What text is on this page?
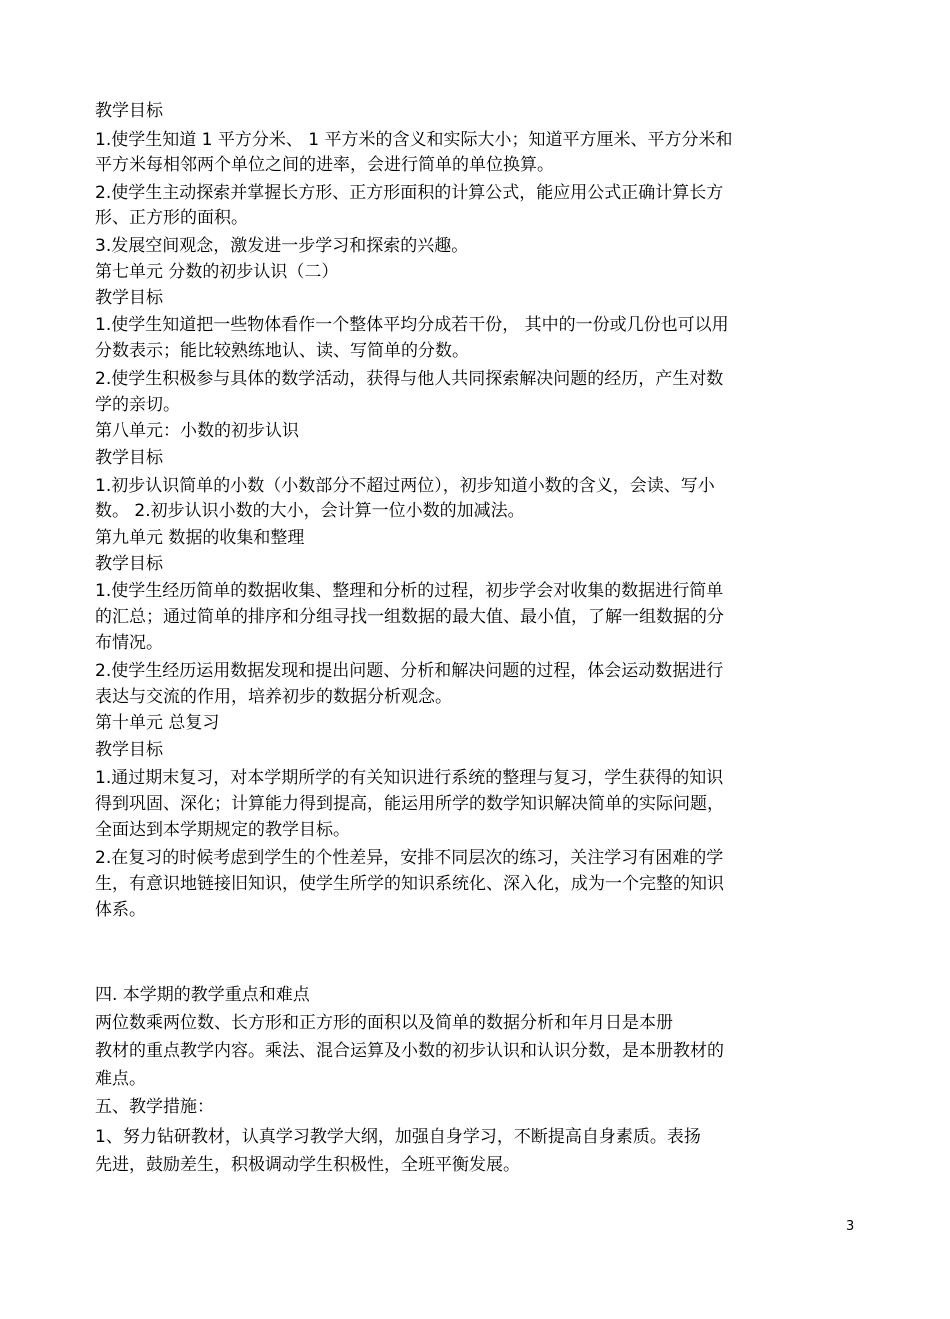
教学目标
1.使学生知道 1 平方分米、 1 平方米的含义和实际大小；知道平方厘米、平方分米和
平方米每相邻两个单位之间的进率，会进行简单的单位换算。
2.使学生主动探索并掌握长方形、正方形面积的计算公式，能应用公式正确计算长方
形、正方形的面积。
3.发展空间观念，激发进一步学习和探索的兴趣。
第七单元 分数的初步认识（二）
教学目标
1.使学生知道把一些物体看作一个整体平均分成若干份， 其中的一份或几份也可以用
分数表示；能比较熟练地认、读、写简单的分数。
2.使学生积极参与具体的数学活动，获得与他人共同探索解决问题的经历，产生对数
学的亲切。
第八单元：小数的初步认识
教学目标
1.初步认识简单的小数（小数部分不超过两位），初步知道小数的含义，会读、写小
数。 2.初步认识小数的大小，会计算一位小数的加减法。
第九单元 数据的收集和整理
教学目标
1.使学生经历简单的数据收集、整理和分析的过程，初步学会对收集的数据进行简单
的汇总；通过简单的排序和分组寻找一组数据的最大值、最小值，了解一组数据的分
布情况。
2.使学生经历运用数据发现和提出问题、分析和解决问题的过程，体会运动数据进行
表达与交流的作用，培养初步的数据分析观念。
第十单元 总复习
教学目标
1.通过期末复习，对本学期所学的有关知识进行系统的整理与复习，学生获得的知识
得到巩固、深化；计算能力得到提高，能运用所学的数学知识解决简单的实际问题，
全面达到本学期规定的教学目标。
2.在复习的时候考虑到学生的个性差异，安排不同层次的练习，关注学习有困难的学
生，有意识地链接旧知识，使学生所学的知识系统化、深入化，成为一个完整的知识
体系。
四. 本学期的教学重点和难点
两位数乘两位数、长方形和正方形的面积以及简单的数据分析和年月日是本册
教材的重点教学内容。乘法、混合运算及小数的初步认识和认识分数，是本册教材的
难点。
五、教学措施：
1、努力钻研教材，认真学习教学大纲，加强自身学习，不断提高自身素质。表扬
先进，鼓励差生，积极调动学生积极性，全班平衡发展。
3
